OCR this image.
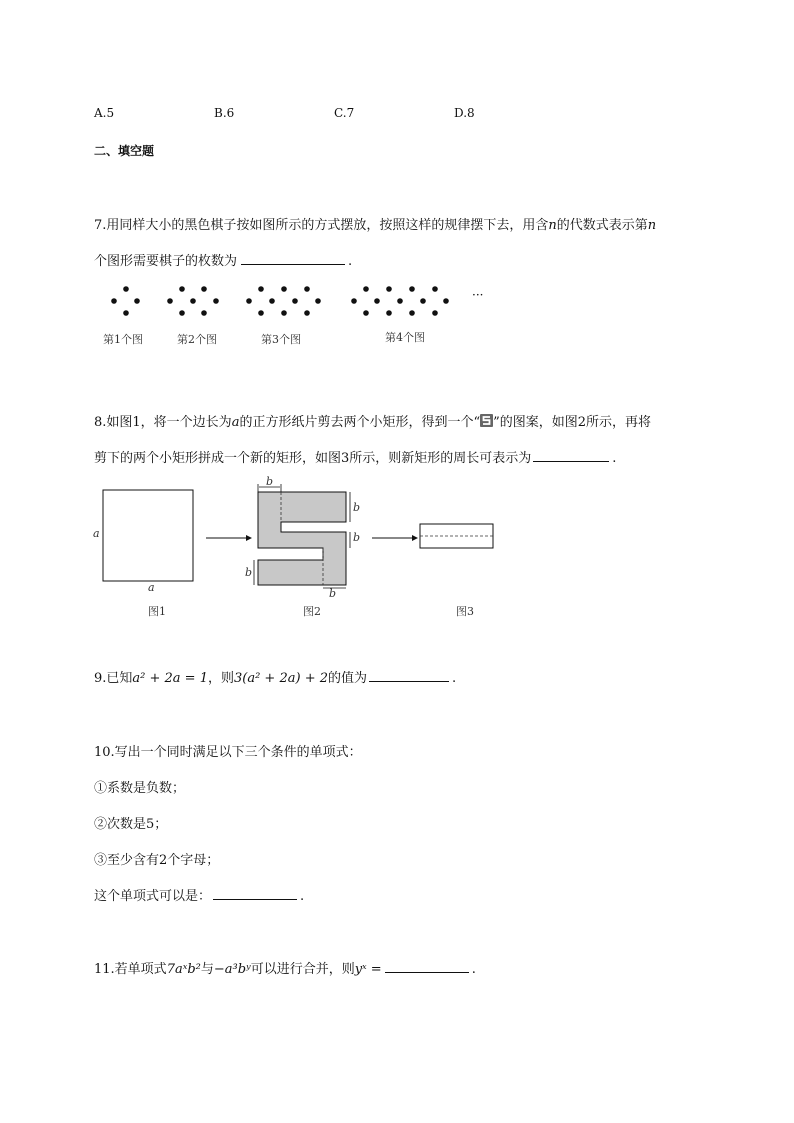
A.5	B.6	C.7	D.8
二、填空题
7.用同样大小的黑色棋子按如图所示的方式摆放，按照这样的规律摆下去，用含n的代数式表示第n
个图形需要棋子的枚数为	.
···
第1个图	第2个图	第3个图	第4个图
8.如图1，将一个边长为a的正方形纸片剪去两个小矩形，得到一个“ ”的图案，如图2所示，再将
剪下的两个小矩形拼成一个新的矩形，如图3所示，则新矩形的周长可表示为	.
a
a
b
b
b
b
b
图1	图2	图3
9.已知a² + 2a = 1，则3(a² + 2a) + 2的值为	.
10.写出一个同时满足以下三个条件的单项式：
①系数是负数；
②次数是5；
③至少含有2个字母；
这个单项式可以是：	.
11.若单项式7aˣb²与−a³bʸ可以进行合并，则yˣ =	.
